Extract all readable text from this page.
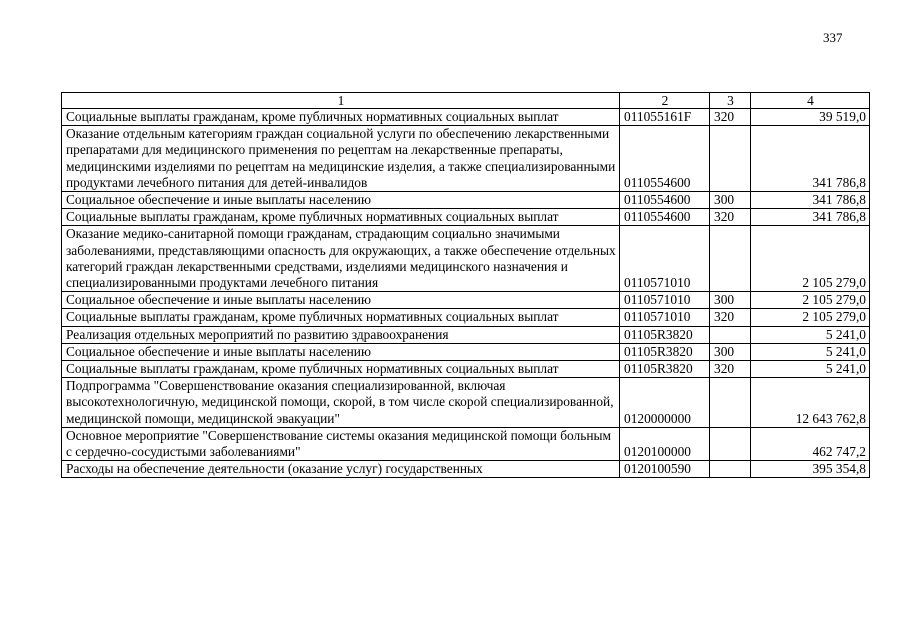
337
1	2	3	4
Социальные выплаты гражданам, кроме публичных нормативных социальных выплат	011055161F	320	39 519,0
Оказание отдельным категориям граждан социальной услуги по обеспечению лекарственными препаратами для медицинского применения по рецептам на лекарственные препараты, медицинскими изделиями по рецептам на медицинские изделия, а также специализированными продуктами лечебного питания для детей-инвалидов	0110554600		341 786,8
Социальное обеспечение и иные выплаты населению	0110554600	300	341 786,8
Социальные выплаты гражданам, кроме публичных нормативных социальных выплат	0110554600	320	341 786,8
Оказание медико-санитарной помощи гражданам, страдающим социально значимыми заболеваниями, представляющими опасность для окружающих, а также обеспечение отдельных категорий граждан лекарственными средствами, изделиями медицинского назначения и специализированными продуктами лечебного питания	0110571010		2 105 279,0
Социальное обеспечение и иные выплаты населению	0110571010	300	2 105 279,0
Социальные выплаты гражданам, кроме публичных нормативных социальных выплат	0110571010	320	2 105 279,0
Реализация отдельных мероприятий по развитию здравоохранения	01105R3820		5 241,0
Социальное обеспечение и иные выплаты населению	01105R3820	300	5 241,0
Социальные выплаты гражданам, кроме публичных нормативных социальных выплат	01105R3820	320	5 241,0
Подпрограмма "Совершенствование оказания специализированной, включая высокотехнологичную, медицинской помощи, скорой, в том числе скорой специализированной, медицинской помощи, медицинской эвакуации"	0120000000		12 643 762,8
Основное мероприятие "Совершенствование системы оказания медицинской помощи больным с сердечно-сосудистыми заболеваниями"	0120100000		462 747,2
Расходы на обеспечение деятельности (оказание услуг) государственных	0120100590		395 354,8
